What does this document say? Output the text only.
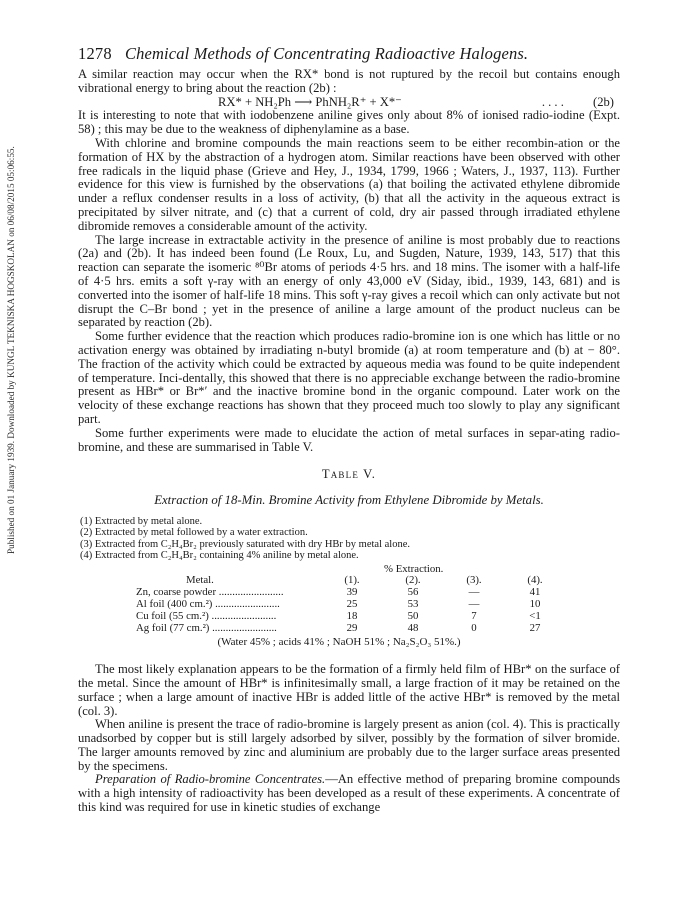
Published on 01 January 1939. Downloaded by KUNGL TEKNISKA HOGSKOLAN on 06/08/2015 05:06:55.
1278 Chemical Methods of Concentrating Radioactive Halogens.

A similar reaction may occur when the RX* bond is not ruptured by the recoil but contains enough vibrational energy to bring about the reaction (2b) :

RX* + NH₂Ph ⟶ PhNH₂R⁺ + X*⁻	. . . . (2b)

It is interesting to note that with iodobenzene aniline gives only about 8% of ionised radio-iodine (Expt. 58) ; this may be due to the weakness of diphenylamine as a base.

With chlorine and bromine compounds the main reactions seem to be either recombin-ation or the formation of HX by the abstraction of a hydrogen atom. Similar reactions have been observed with other free radicals in the liquid phase (Grieve and Hey, J., 1934, 1799, 1966 ; Waters, J., 1937, 113). Further evidence for this view is furnished by the observations (a) that boiling the activated ethylene dibromide under a reflux condenser results in a loss of activity, (b) that all the activity in the aqueous extract is precipitated by silver nitrate, and (c) that a current of cold, dry air passed through irradiated ethylene dibromide removes a considerable amount of the activity.

The large increase in extractable activity in the presence of aniline is most probably due to reactions (2a) and (2b). It has indeed been found (Le Roux, Lu, and Sugden, Nature, 1939, 143, 517) that this reaction can separate the isomeric ⁸⁰Br atoms of periods 4·5 hrs. and 18 mins. The isomer with a half-life of 4·5 hrs. emits a soft γ-ray with an energy of only 43,000 eV (Siday, ibid., 1939, 143, 681) and is converted into the isomer of half-life 18 mins. This soft γ-ray gives a recoil which can only activate but not disrupt the C–Br bond ; yet in the presence of aniline a large amount of the product nucleus can be separated by reaction (2b).

Some further evidence that the reaction which produces radio-bromine ion is one which has little or no activation energy was obtained by irradiating n-butyl bromide (a) at room temperature and (b) at − 80°. The fraction of the activity which could be extracted by aqueous media was found to be quite independent of temperature. Inci-dentally, this showed that there is no appreciable exchange between the radio-bromine present as HBr* or Br*′ and the inactive bromine bond in the organic compound. Later work on the velocity of these exchange reactions has shown that they proceed much too slowly to play any significant part.

Some further experiments were made to elucidate the action of metal surfaces in separ-ating radio-bromine, and these are summarised in Table V.

Table V.
Extraction of 18-Min. Bromine Activity from Ethylene Dibromide by Metals.
(1) Extracted by metal alone.
(2) Extracted by metal followed by a water extraction.
(3) Extracted from C₂H₄Br₂ previously saturated with dry HBr by metal alone.
(4) Extracted from C₂H₄Br₂ containing 4% aniline by metal alone.
% Extraction.
Metal.	(1).	(2).	(3).	(4).
Zn, coarse powder ........................	39	56	—	41
Al foil (400 cm.²) ........................	25	53	—	10
Cu foil (55 cm.²) ........................	18	50	7	<1
Ag foil (77 cm.²) ........................	29	48	0	27
(Water 45% ; acids 41% ; NaOH 51% ; Na₂S₂O₃ 51%.)

The most likely explanation appears to be the formation of a firmly held film of HBr* on the surface of the metal. Since the amount of HBr* is infinitesimally small, a large fraction of it may be retained on the surface ; when a large amount of inactive HBr is added little of the active HBr* is removed by the metal (col. 3).

When aniline is present the trace of radio-bromine is largely present as anion (col. 4). This is practically unadsorbed by copper but is still largely adsorbed by silver, possibly by the formation of silver bromide. The larger amounts removed by zinc and aluminium are probably due to the larger surface areas presented by the specimens.

Preparation of Radio-bromine Concentrates.—An effective method of preparing bromine compounds with a high intensity of radioactivity has been developed as a result of these experiments. A concentrate of this kind was required for use in kinetic studies of exchange
